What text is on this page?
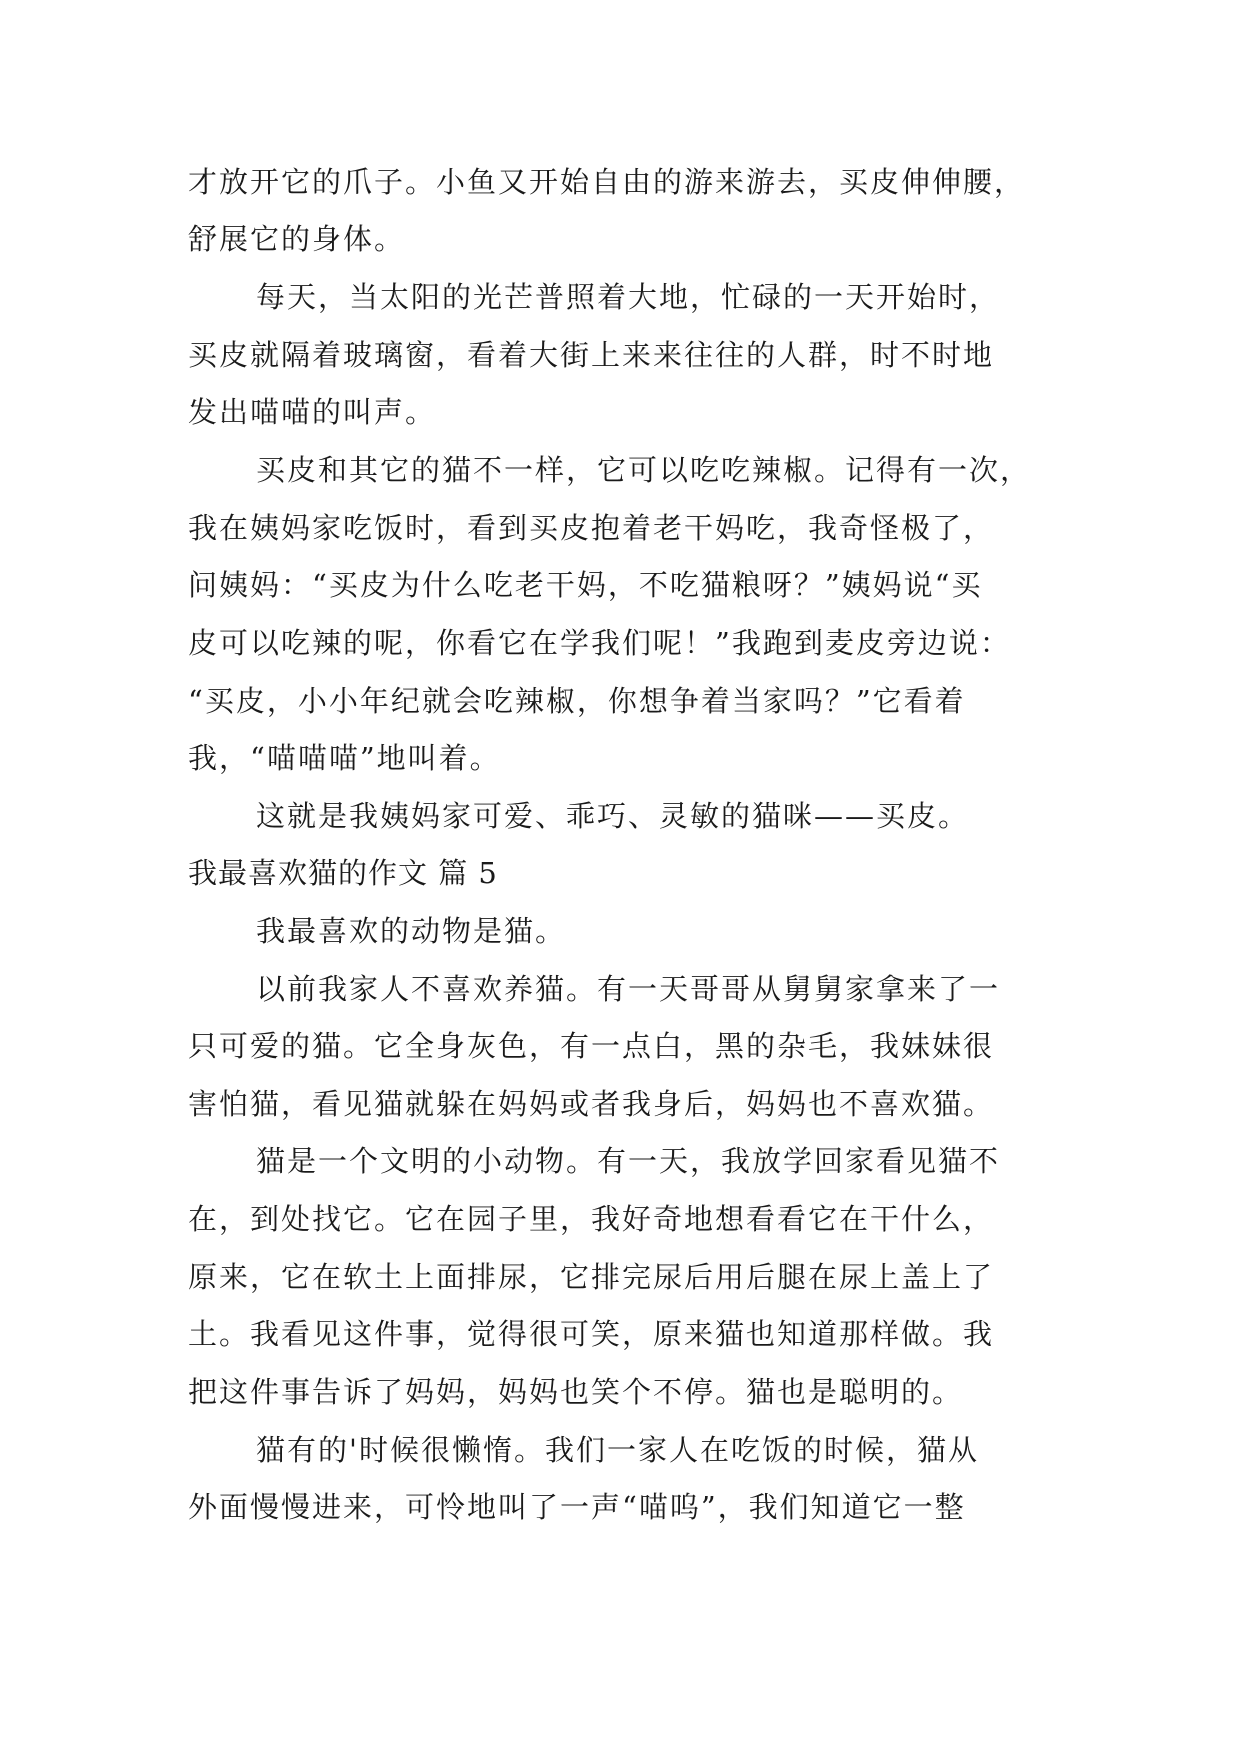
才放开它的爪子。小鱼又开始自由的游来游去，买皮伸伸腰，
舒展它的身体。
每天，当太阳的光芒普照着大地，忙碌的一天开始时，
买皮就隔着玻璃窗，看着大街上来来往往的人群，时不时地
发出喵喵的叫声。
买皮和其它的猫不一样，它可以吃吃辣椒。记得有一次，
我在姨妈家吃饭时，看到买皮抱着老干妈吃，我奇怪极了，
问姨妈：“买皮为什么吃老干妈，不吃猫粮呀？”姨妈说“买
皮可以吃辣的呢，你看它在学我们呢！”我跑到麦皮旁边说：
“买皮，小小年纪就会吃辣椒，你想争着当家吗？”它看着
我，“喵喵喵”地叫着。
这就是我姨妈家可爱、乖巧、灵敏的猫咪——买皮。
我最喜欢猫的作文 篇 5
我最喜欢的动物是猫。
以前我家人不喜欢养猫。有一天哥哥从舅舅家拿来了一
只可爱的猫。它全身灰色，有一点白，黑的杂毛，我妹妹很
害怕猫，看见猫就躲在妈妈或者我身后，妈妈也不喜欢猫。
猫是一个文明的小动物。有一天，我放学回家看见猫不
在，到处找它。它在园子里，我好奇地想看看它在干什么，
原来，它在软土上面排尿，它排完尿后用后腿在尿上盖上了
土。我看见这件事，觉得很可笑，原来猫也知道那样做。我
把这件事告诉了妈妈，妈妈也笑个不停。猫也是聪明的。
猫有的'时候很懒惰。我们一家人在吃饭的时候，猫从
外面慢慢进来，可怜地叫了一声“喵呜”，我们知道它一整
